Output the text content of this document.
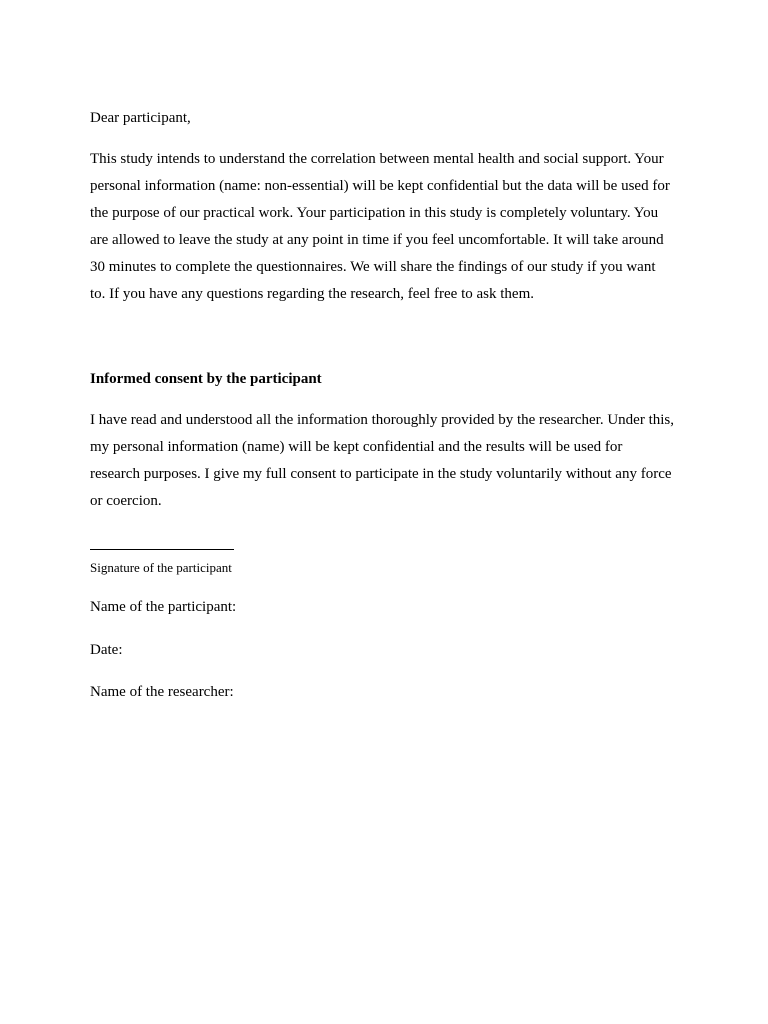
Dear participant,

This study intends to understand the correlation between mental health and social support. Your
personal information (name: non-essential) will be kept confidential but the data will be used for
the purpose of our practical work. Your participation in this study is completely voluntary. You
are allowed to leave the study at any point in time if you feel uncomfortable. It will take around
30 minutes to complete the questionnaires. We will share the findings of our study if you want
to. If you have any questions regarding the research, feel free to ask them.

Informed consent by the participant

I have read and understood all the information thoroughly provided by the researcher. Under this,
my personal information (name) will be kept confidential and the results will be used for
research purposes. I give my full consent to participate in the study voluntarily without any force
or coercion.

Signature of the participant

Name of the participant:

Date:

Name of the researcher:
